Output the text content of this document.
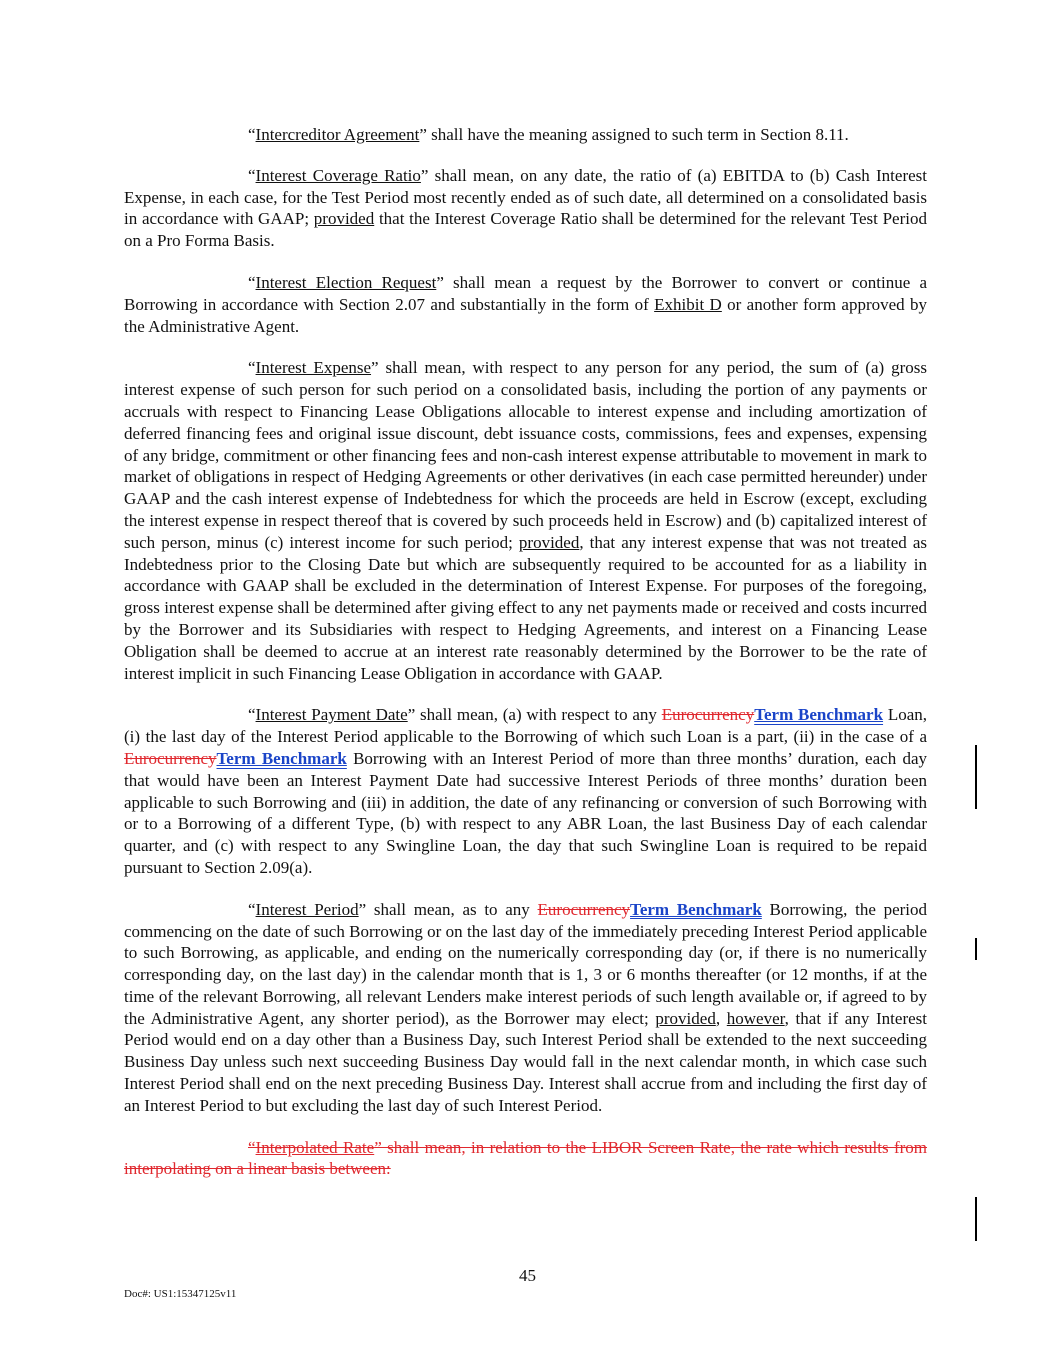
“Intercreditor Agreement” shall have the meaning assigned to such term in Section 8.11.

“Interest Coverage Ratio” shall mean, on any date, the ratio of (a) EBITDA to (b) Cash Interest Expense, in each case, for the Test Period most recently ended as of such date, all determined on a consolidated basis in accordance with GAAP; provided that the Interest Coverage Ratio shall be determined for the relevant Test Period on a Pro Forma Basis.

“Interest Election Request” shall mean a request by the Borrower to convert or continue a Borrowing in accordance with Section 2.07 and substantially in the form of Exhibit D or another form approved by the Administrative Agent.

“Interest Expense” shall mean, with respect to any person for any period, the sum of (a) gross interest expense of such person for such period on a consolidated basis, including the portion of any payments or accruals with respect to Financing Lease Obligations allocable to interest expense and including amortization of deferred financing fees and original issue discount, debt issuance costs, commissions, fees and expenses, expensing of any bridge, commitment or other financing fees and non-cash interest expense attributable to movement in mark to market of obligations in respect of Hedging Agreements or other derivatives (in each case permitted hereunder) under GAAP and the cash interest expense of Indebtedness for which the proceeds are held in Escrow (except, excluding the interest expense in respect thereof that is covered by such proceeds held in Escrow) and (b) capitalized interest of such person, minus (c) interest income for such period; provided, that any interest expense that was not treated as Indebtedness prior to the Closing Date but which are subsequently required to be accounted for as a liability in accordance with GAAP shall be excluded in the determination of Interest Expense. For purposes of the foregoing, gross interest expense shall be determined after giving effect to any net payments made or received and costs incurred by the Borrower and its Subsidiaries with respect to Hedging Agreements, and interest on a Financing Lease Obligation shall be deemed to accrue at an interest rate reasonably determined by the Borrower to be the rate of interest implicit in such Financing Lease Obligation in accordance with GAAP.

“Interest Payment Date” shall mean, (a) with respect to any EurocurrencyTerm Benchmark Loan, (i) the last day of the Interest Period applicable to the Borrowing of which such Loan is a part, (ii) in the case of a EurocurrencyTerm Benchmark Borrowing with an Interest Period of more than three months’ duration, each day that would have been an Interest Payment Date had successive Interest Periods of three months’ duration been applicable to such Borrowing and (iii) in addition, the date of any refinancing or conversion of such Borrowing with or to a Borrowing of a different Type, (b) with respect to any ABR Loan, the last Business Day of each calendar quarter, and (c) with respect to any Swingline Loan, the day that such Swingline Loan is required to be repaid pursuant to Section 2.09(a).

“Interest Period” shall mean, as to any EurocurrencyTerm Benchmark Borrowing, the period commencing on the date of such Borrowing or on the last day of the immediately preceding Interest Period applicable to such Borrowing, as applicable, and ending on the numerically corresponding day (or, if there is no numerically corresponding day, on the last day) in the calendar month that is 1, 3 or 6 months thereafter (or 12 months, if at the time of the relevant Borrowing, all relevant Lenders make interest periods of such length available or, if agreed to by the Administrative Agent, any shorter period), as the Borrower may elect; provided, however, that if any Interest Period would end on a day other than a Business Day, such Interest Period shall be extended to the next succeeding Business Day unless such next succeeding Business Day would fall in the next calendar month, in which case such Interest Period shall end on the next preceding Business Day. Interest shall accrue from and including the first day of an Interest Period to but excluding the last day of such Interest Period.

“Interpolated Rate” shall mean, in relation to the LIBOR Screen Rate, the rate which results from interpolating on a linear basis between:

45
Doc#: US1:15347125v11
